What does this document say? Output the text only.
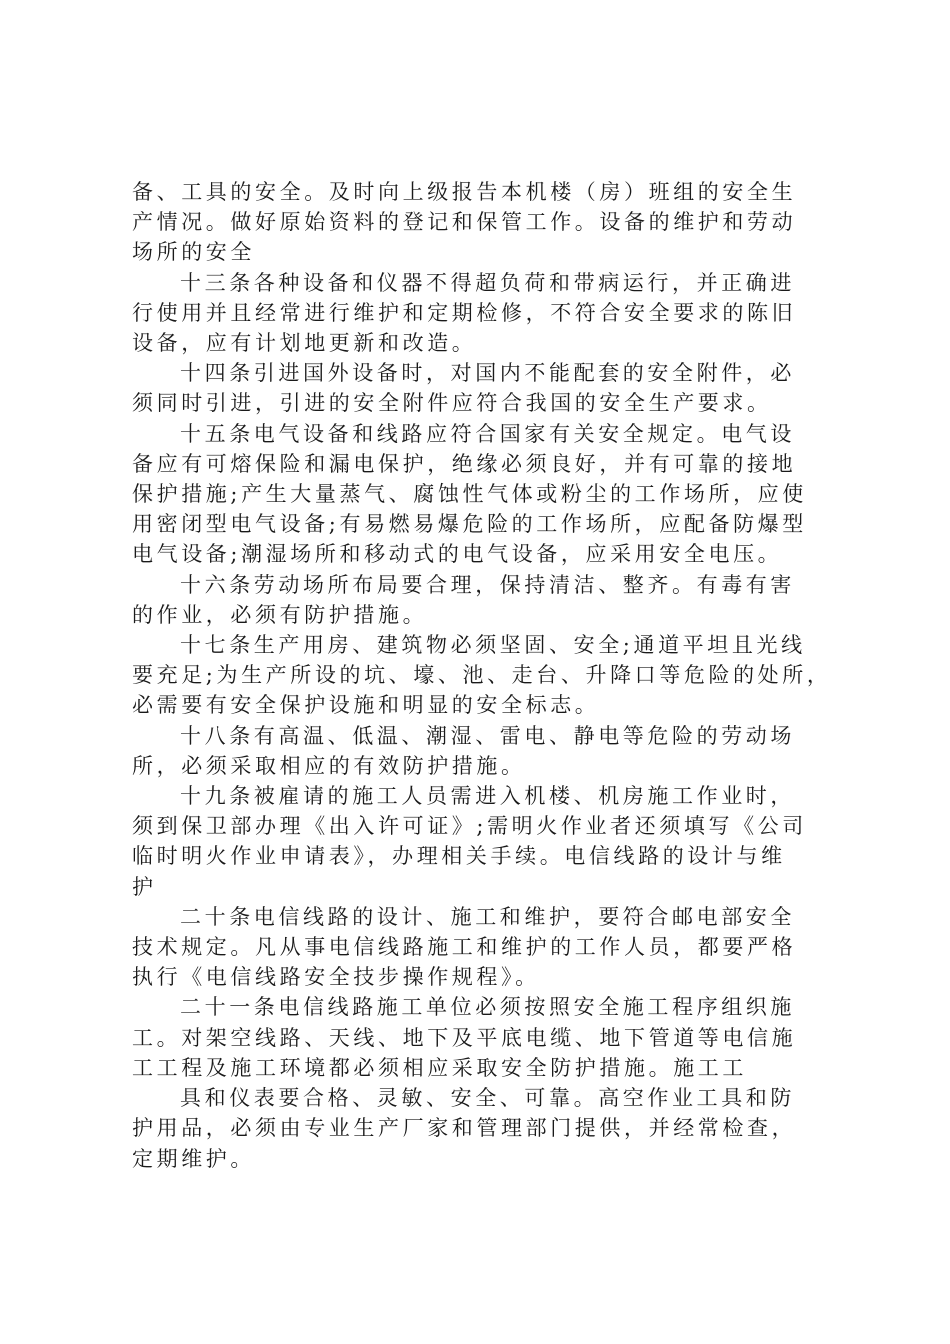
备、工具的安全。及时向上级报告本机楼（房）班组的安全生
产情况。做好原始资料的登记和保管工作。设备的维护和劳动
场所的安全
十三条各种设备和仪器不得超负荷和带病运行，并正确进
行使用并且经常进行维护和定期检修，不符合安全要求的陈旧
设备，应有计划地更新和改造。
十四条引进国外设备时，对国内不能配套的安全附件，必
须同时引进，引进的安全附件应符合我国的安全生产要求。
十五条电气设备和线路应符合国家有关安全规定。电气设
备应有可熔保险和漏电保护，绝缘必须良好，并有可靠的接地
保护措施;产生大量蒸气、腐蚀性气体或粉尘的工作场所，应使
用密闭型电气设备;有易燃易爆危险的工作场所，应配备防爆型
电气设备;潮湿场所和移动式的电气设备，应采用安全电压。
十六条劳动场所布局要合理，保持清洁、整齐。有毒有害
的作业，必须有防护措施。
十七条生产用房、建筑物必须坚固、安全;通道平坦且光线
要充足;为生产所设的坑、壕、池、走台、升降口等危险的处所，
必需要有安全保护设施和明显的安全标志。
十八条有高温、低温、潮湿、雷电、静电等危险的劳动场
所，必须采取相应的有效防护措施。
十九条被雇请的施工人员需进入机楼、机房施工作业时，
须到保卫部办理《出入许可证》;需明火作业者还须填写《公司
临时明火作业申请表》，办理相关手续。电信线路的设计与维
护
二十条电信线路的设计、施工和维护，要符合邮电部安全
技术规定。凡从事电信线路施工和维护的工作人员，都要严格
执行《电信线路安全技步操作规程》。
二十一条电信线路施工单位必须按照安全施工程序组织施
工。对架空线路、天线、地下及平底电缆、地下管道等电信施
工工程及施工环境都必须相应采取安全防护措施。施工工
具和仪表要合格、灵敏、安全、可靠。高空作业工具和防
护用品，必须由专业生产厂家和管理部门提供，并经常检查，
定期维护。
